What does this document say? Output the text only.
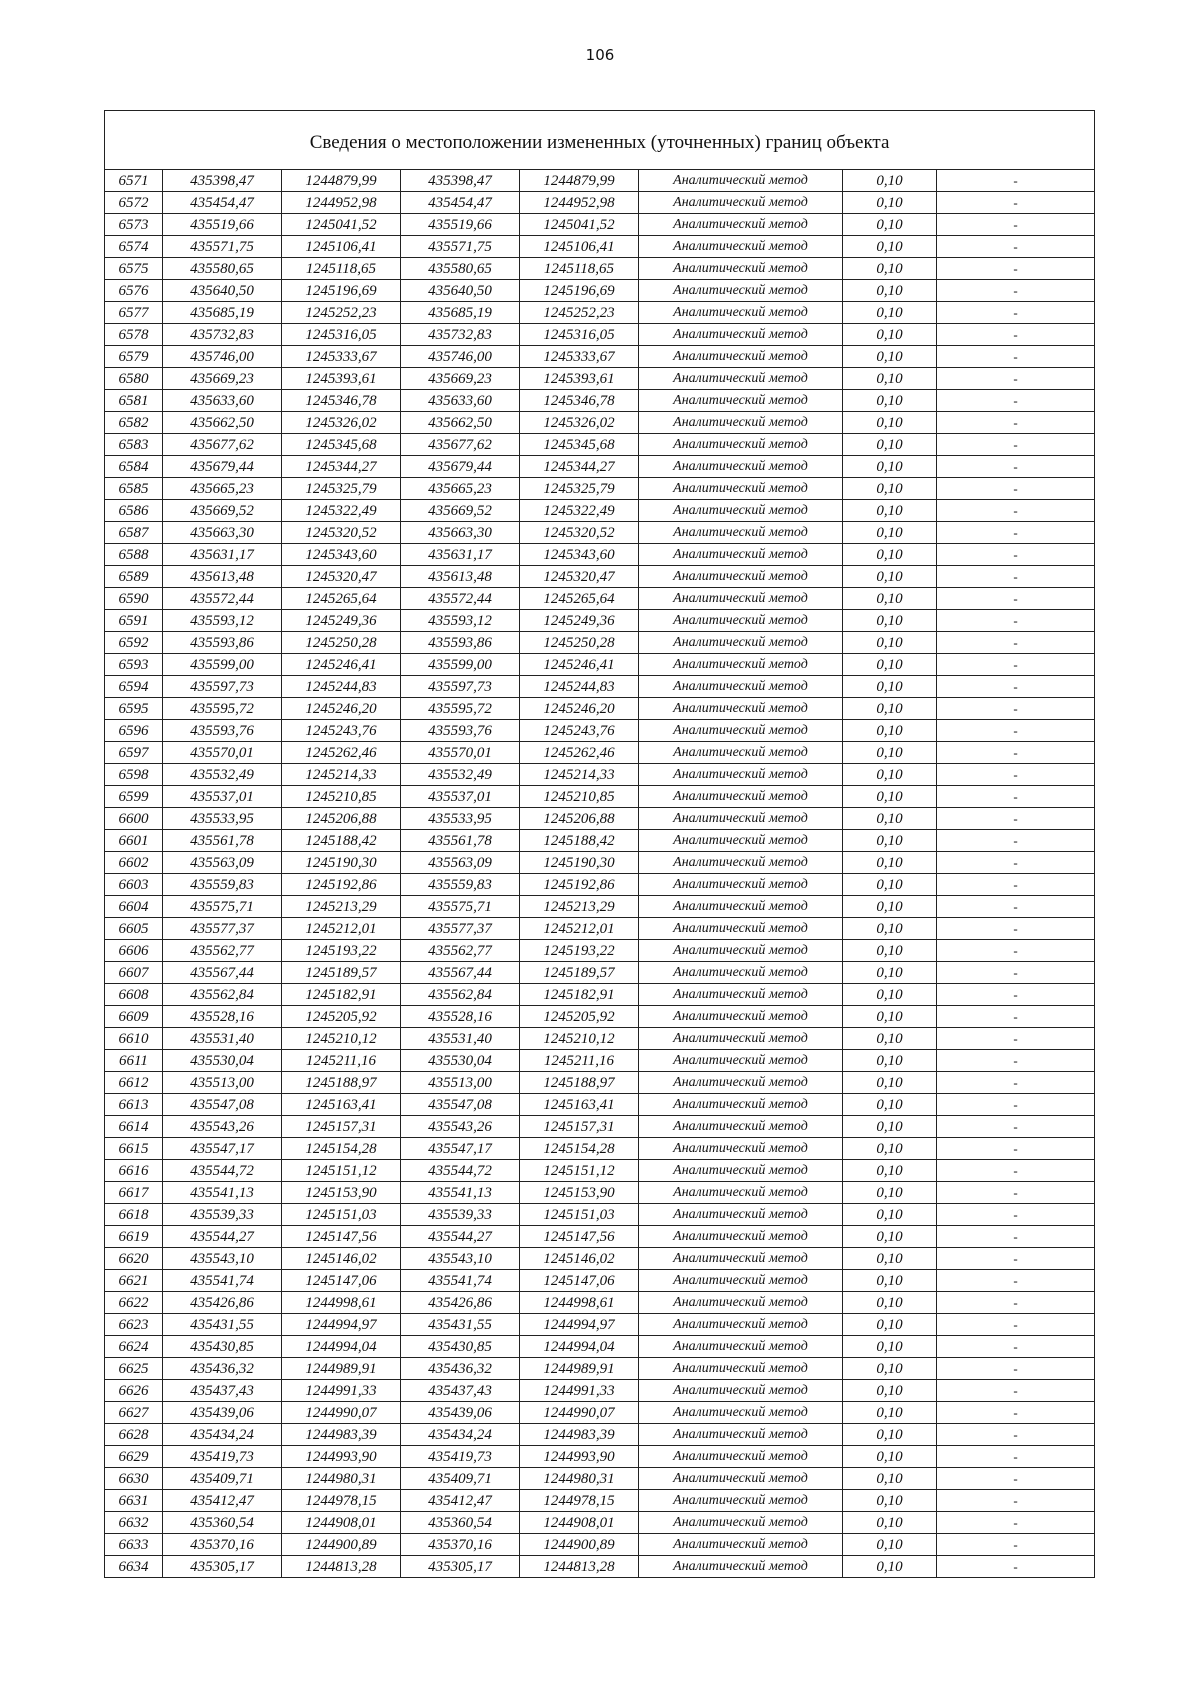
106
Сведения о местоположении измененных (уточненных) границ объекта							
6571	435398,47	1244879,99	435398,47	1244879,99	Аналитический метод	0,10	-
6572	435454,47	1244952,98	435454,47	1244952,98	Аналитический метод	0,10	-
6573	435519,66	1245041,52	435519,66	1245041,52	Аналитический метод	0,10	-
6574	435571,75	1245106,41	435571,75	1245106,41	Аналитический метод	0,10	-
6575	435580,65	1245118,65	435580,65	1245118,65	Аналитический метод	0,10	-
6576	435640,50	1245196,69	435640,50	1245196,69	Аналитический метод	0,10	-
6577	435685,19	1245252,23	435685,19	1245252,23	Аналитический метод	0,10	-
6578	435732,83	1245316,05	435732,83	1245316,05	Аналитический метод	0,10	-
6579	435746,00	1245333,67	435746,00	1245333,67	Аналитический метод	0,10	-
6580	435669,23	1245393,61	435669,23	1245393,61	Аналитический метод	0,10	-
6581	435633,60	1245346,78	435633,60	1245346,78	Аналитический метод	0,10	-
6582	435662,50	1245326,02	435662,50	1245326,02	Аналитический метод	0,10	-
6583	435677,62	1245345,68	435677,62	1245345,68	Аналитический метод	0,10	-
6584	435679,44	1245344,27	435679,44	1245344,27	Аналитический метод	0,10	-
6585	435665,23	1245325,79	435665,23	1245325,79	Аналитический метод	0,10	-
6586	435669,52	1245322,49	435669,52	1245322,49	Аналитический метод	0,10	-
6587	435663,30	1245320,52	435663,30	1245320,52	Аналитический метод	0,10	-
6588	435631,17	1245343,60	435631,17	1245343,60	Аналитический метод	0,10	-
6589	435613,48	1245320,47	435613,48	1245320,47	Аналитический метод	0,10	-
6590	435572,44	1245265,64	435572,44	1245265,64	Аналитический метод	0,10	-
6591	435593,12	1245249,36	435593,12	1245249,36	Аналитический метод	0,10	-
6592	435593,86	1245250,28	435593,86	1245250,28	Аналитический метод	0,10	-
6593	435599,00	1245246,41	435599,00	1245246,41	Аналитический метод	0,10	-
6594	435597,73	1245244,83	435597,73	1245244,83	Аналитический метод	0,10	-
6595	435595,72	1245246,20	435595,72	1245246,20	Аналитический метод	0,10	-
6596	435593,76	1245243,76	435593,76	1245243,76	Аналитический метод	0,10	-
6597	435570,01	1245262,46	435570,01	1245262,46	Аналитический метод	0,10	-
6598	435532,49	1245214,33	435532,49	1245214,33	Аналитический метод	0,10	-
6599	435537,01	1245210,85	435537,01	1245210,85	Аналитический метод	0,10	-
6600	435533,95	1245206,88	435533,95	1245206,88	Аналитический метод	0,10	-
6601	435561,78	1245188,42	435561,78	1245188,42	Аналитический метод	0,10	-
6602	435563,09	1245190,30	435563,09	1245190,30	Аналитический метод	0,10	-
6603	435559,83	1245192,86	435559,83	1245192,86	Аналитический метод	0,10	-
6604	435575,71	1245213,29	435575,71	1245213,29	Аналитический метод	0,10	-
6605	435577,37	1245212,01	435577,37	1245212,01	Аналитический метод	0,10	-
6606	435562,77	1245193,22	435562,77	1245193,22	Аналитический метод	0,10	-
6607	435567,44	1245189,57	435567,44	1245189,57	Аналитический метод	0,10	-
6608	435562,84	1245182,91	435562,84	1245182,91	Аналитический метод	0,10	-
6609	435528,16	1245205,92	435528,16	1245205,92	Аналитический метод	0,10	-
6610	435531,40	1245210,12	435531,40	1245210,12	Аналитический метод	0,10	-
6611	435530,04	1245211,16	435530,04	1245211,16	Аналитический метод	0,10	-
6612	435513,00	1245188,97	435513,00	1245188,97	Аналитический метод	0,10	-
6613	435547,08	1245163,41	435547,08	1245163,41	Аналитический метод	0,10	-
6614	435543,26	1245157,31	435543,26	1245157,31	Аналитический метод	0,10	-
6615	435547,17	1245154,28	435547,17	1245154,28	Аналитический метод	0,10	-
6616	435544,72	1245151,12	435544,72	1245151,12	Аналитический метод	0,10	-
6617	435541,13	1245153,90	435541,13	1245153,90	Аналитический метод	0,10	-
6618	435539,33	1245151,03	435539,33	1245151,03	Аналитический метод	0,10	-
6619	435544,27	1245147,56	435544,27	1245147,56	Аналитический метод	0,10	-
6620	435543,10	1245146,02	435543,10	1245146,02	Аналитический метод	0,10	-
6621	435541,74	1245147,06	435541,74	1245147,06	Аналитический метод	0,10	-
6622	435426,86	1244998,61	435426,86	1244998,61	Аналитический метод	0,10	-
6623	435431,55	1244994,97	435431,55	1244994,97	Аналитический метод	0,10	-
6624	435430,85	1244994,04	435430,85	1244994,04	Аналитический метод	0,10	-
6625	435436,32	1244989,91	435436,32	1244989,91	Аналитический метод	0,10	-
6626	435437,43	1244991,33	435437,43	1244991,33	Аналитический метод	0,10	-
6627	435439,06	1244990,07	435439,06	1244990,07	Аналитический метод	0,10	-
6628	435434,24	1244983,39	435434,24	1244983,39	Аналитический метод	0,10	-
6629	435419,73	1244993,90	435419,73	1244993,90	Аналитический метод	0,10	-
6630	435409,71	1244980,31	435409,71	1244980,31	Аналитический метод	0,10	-
6631	435412,47	1244978,15	435412,47	1244978,15	Аналитический метод	0,10	-
6632	435360,54	1244908,01	435360,54	1244908,01	Аналитический метод	0,10	-
6633	435370,16	1244900,89	435370,16	1244900,89	Аналитический метод	0,10	-
6634	435305,17	1244813,28	435305,17	1244813,28	Аналитический метод	0,10	-
